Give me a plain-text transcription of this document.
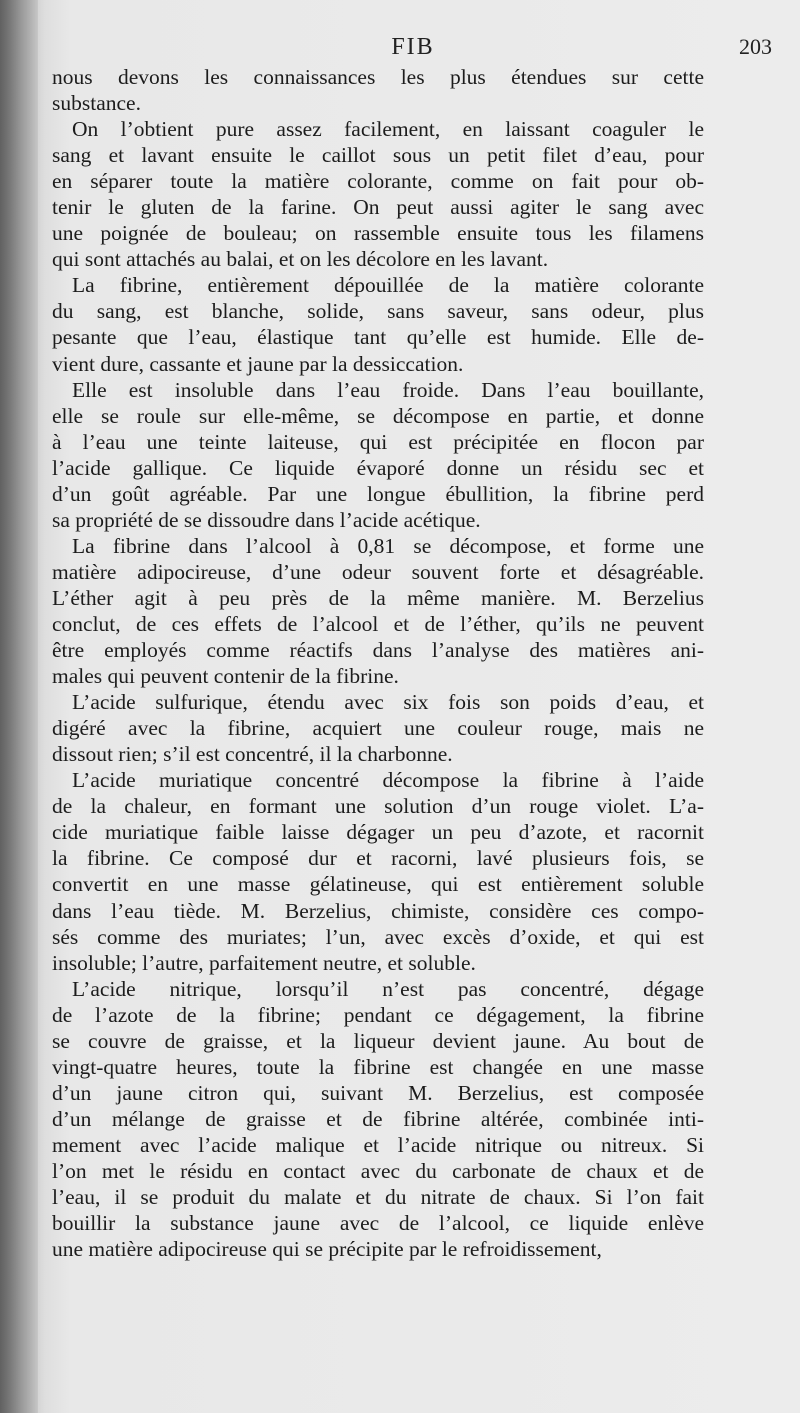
FIB	203
nous devons les connaissances les plus étendues sur cette
substance.
On l’obtient pure assez facilement, en laissant coaguler le
sang et lavant ensuite le caillot sous un petit filet d’eau, pour
en séparer toute la matière colorante, comme on fait pour ob-
tenir le gluten de la farine. On peut aussi agiter le sang avec
une poignée de bouleau; on rassemble ensuite tous les filamens
qui sont attachés au balai, et on les décolore en les lavant.
La fibrine, entièrement dépouillée de la matière colorante
du sang, est blanche, solide, sans saveur, sans odeur, plus
pesante que l’eau, élastique tant qu’elle est humide. Elle de-
vient dure, cassante et jaune par la dessiccation.
Elle est insoluble dans l’eau froide. Dans l’eau bouillante,
elle se roule sur elle-même, se décompose en partie, et donne
à l’eau une teinte laiteuse, qui est précipitée en flocon par
l’acide gallique. Ce liquide évaporé donne un résidu sec et
d’un goût agréable. Par une longue ébullition, la fibrine perd
sa propriété de se dissoudre dans l’acide acétique.
La fibrine dans l’alcool à 0,81 se décompose, et forme une
matière adipocireuse, d’une odeur souvent forte et désagréable.
L’éther agit à peu près de la même manière. M. Berzelius
conclut, de ces effets de l’alcool et de l’éther, qu’ils ne peuvent
être employés comme réactifs dans l’analyse des matières ani-
males qui peuvent contenir de la fibrine.
L’acide sulfurique, étendu avec six fois son poids d’eau, et
digéré avec la fibrine, acquiert une couleur rouge, mais ne
dissout rien; s’il est concentré, il la charbonne.
L’acide muriatique concentré décompose la fibrine à l’aide
de la chaleur, en formant une solution d’un rouge violet. L’a-
cide muriatique faible laisse dégager un peu d’azote, et racornit
la fibrine. Ce composé dur et racorni, lavé plusieurs fois, se
convertit en une masse gélatineuse, qui est entièrement soluble
dans l’eau tiède. M. Berzelius, chimiste, considère ces compo-
sés comme des muriates; l’un, avec excès d’oxide, et qui est
insoluble; l’autre, parfaitement neutre, et soluble.
L’acide nitrique, lorsqu’il n’est pas concentré, dégage
de l’azote de la fibrine; pendant ce dégagement, la fibrine
se couvre de graisse, et la liqueur devient jaune. Au bout de
vingt-quatre heures, toute la fibrine est changée en une masse
d’un jaune citron qui, suivant M. Berzelius, est composée
d’un mélange de graisse et de fibrine altérée, combinée inti-
mement avec l’acide malique et l’acide nitrique ou nitreux. Si
l’on met le résidu en contact avec du carbonate de chaux et de
l’eau, il se produit du malate et du nitrate de chaux. Si l’on fait
bouillir la substance jaune avec de l’alcool, ce liquide enlève
une matière adipocireuse qui se précipite par le refroidissement,
